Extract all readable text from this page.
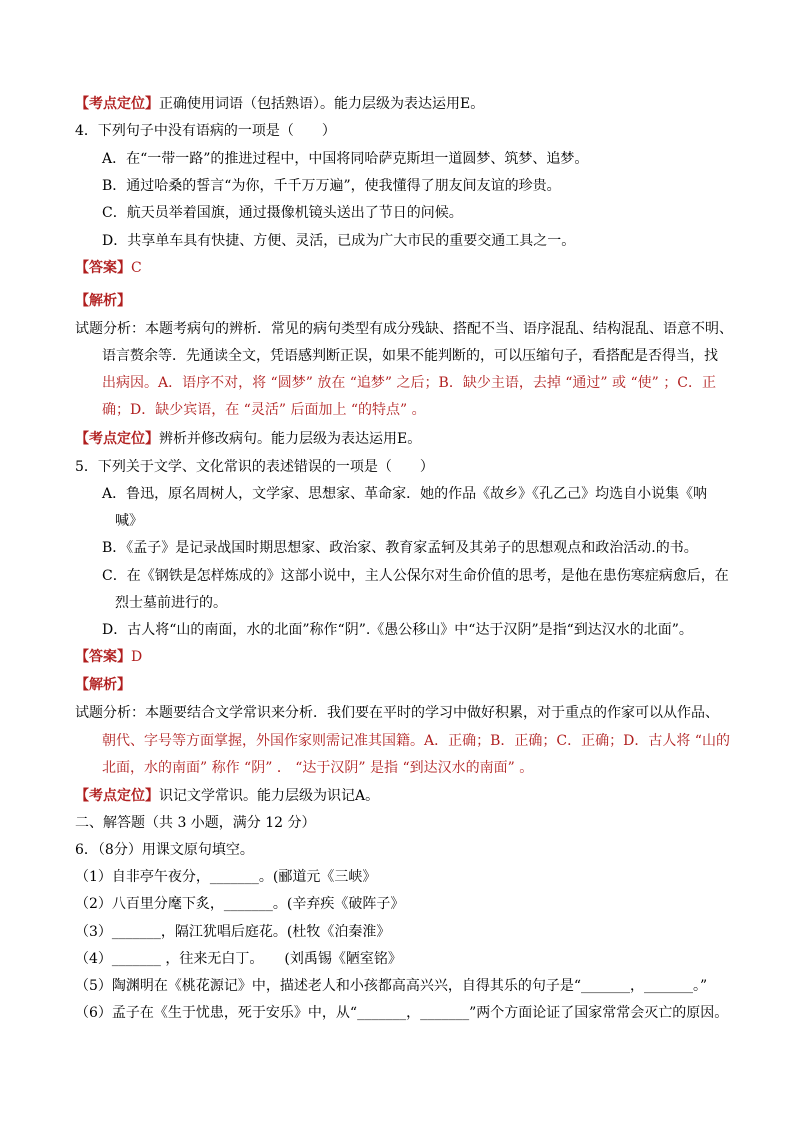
【考点定位】正确使用词语（包括熟语）。能力层级为表达运用E。
4．下列句子中没有语病的一项是（　　）
A．在“一带一路”的推进过程中，中国将同哈萨克斯坦一道圆梦、筑梦、追梦。
B．通过哈桑的誓言“为你，千千万万遍”，使我懂得了朋友间友谊的珍贵。
C．航天员举着国旗，通过摄像机镜头送出了节日的问候。
D．共享单车具有快捷、方便、灵活，已成为广大市民的重要交通工具之一。
【答案】C
【解析】
试题分析：本题考病句的辨析．常见的病句类型有成分残缺、搭配不当、语序混乱、结构混乱、语意不明、
语言赘余等．先通读全文，凭语感判断正误，如果不能判断的，可以压缩句子，看搭配是否得当，找
出病因。A．语序不对，将 “圆梦” 放在 “追梦” 之后；B．缺少主语，去掉 “通过” 或 “使” ；C．正
确；D．缺少宾语，在 “灵活” 后面加上 “的特点” 。
【考点定位】辨析并修改病句。能力层级为表达运用E。
5．下列关于文学、文化常识的表述错误的一项是（　　）
A．鲁迅，原名周树人，文学家、思想家、革命家．她的作品《故乡》《孔乙己》均选自小说集《呐
喊》
B．《孟子》是记录战国时期思想家、政治家、教育家孟轲及其弟子的思想观点和政治活动.的书。
C．在《钢铁是怎样炼成的》这部小说中，主人公保尔对生命价值的思考，是他在患伤寒症病愈后，在
烈士墓前进行的。
D．古人将“山的南面，水的北面”称作“阴”.《愚公移山》中“达于汉阴”是指“到达汉水的北面”。
【答案】D
【解析】
试题分析：本题要结合文学常识来分析．我们要在平时的学习中做好积累，对于重点的作家可以从作品、
朝代、字号等方面掌握，外国作家则需记准其国籍。A．正确；B．正确；C．正确；D．古人将 “山的
北面，水的南面” 称作 “阴” ． “达于汉阴” 是指 “到达汉水的南面” 。
【考点定位】识记文学常识。能力层级为识记A。
二、解答题（共 3 小题，满分 12 分）
6．（8分）用课文原句填空。
（1）自非亭午夜分，_______。(郦道元《三峡》
（2）八百里分麾下炙，_______。(辛弃疾《破阵子》
（3）_______，隔江犹唱后庭花。(杜牧《泊秦淮》
（4）_______ ，往来无白丁。　　(刘禹锡《陋室铭》
（5）陶渊明在《桃花源记》中，描述老人和小孩都高高兴兴，自得其乐的句子是“_______，_______。”
（6）孟子在《生于忧患，死于安乐》中，从“_______，_______”两个方面论证了国家常常会灭亡的原因。
